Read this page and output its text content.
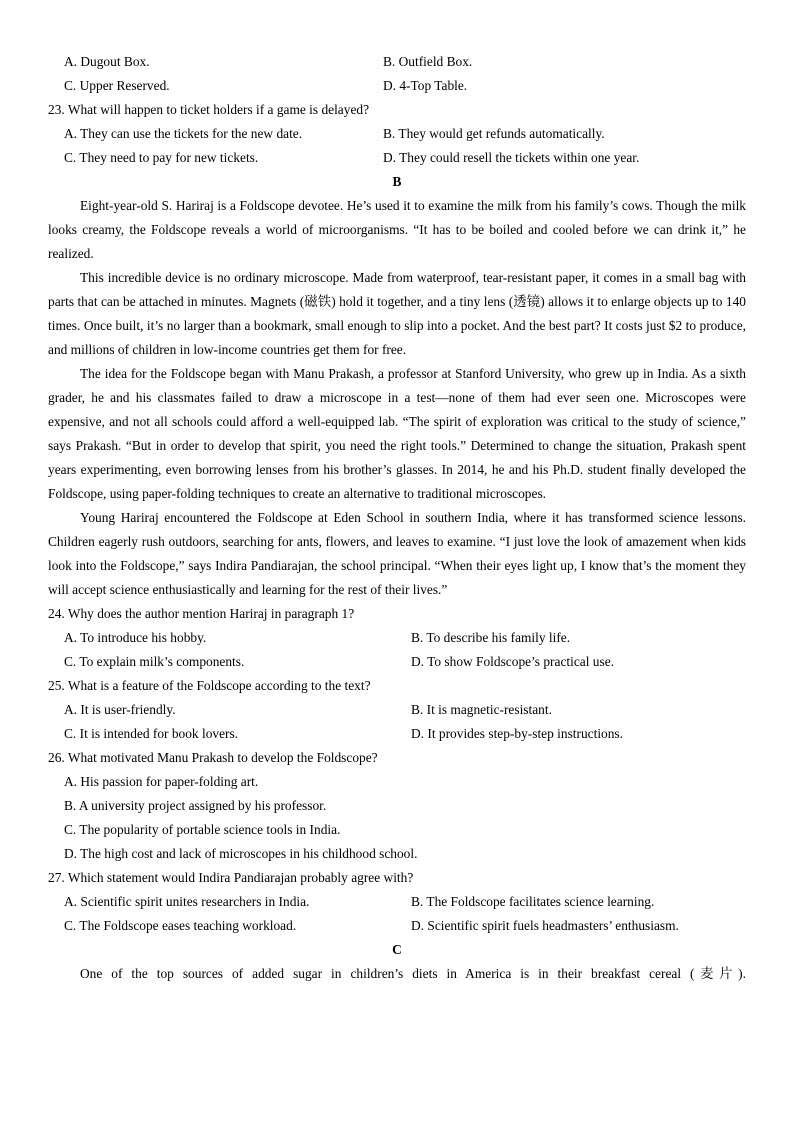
A. Dugout Box.	B. Outfield Box.
C. Upper Reserved.	D. 4-Top Table.
23. What will happen to ticket holders if a game is delayed?
A. They can use the tickets for the new date.	B. They would get refunds automatically.
C. They need to pay for new tickets.	D. They could resell the tickets within one year.
B

Eight-year-old S. Hariraj is a Foldscope devotee. He’s used it to examine the milk from his family’s cows. Though the milk looks creamy, the Foldscope reveals a world of microorganisms. “It has to be boiled and cooled before we can drink it,” he realized.

This incredible device is no ordinary microscope. Made from waterproof, tear-resistant paper, it comes in a small bag with parts that can be attached in minutes. Magnets (磁铁) hold it together, and a tiny lens (透镜) allows it to enlarge objects up to 140 times. Once built, it’s no larger than a bookmark, small enough to slip into a pocket. And the best part? It costs just $2 to produce, and millions of children in low-income countries get them for free.

The idea for the Foldscope began with Manu Prakash, a professor at Stanford University, who grew up in India. As a sixth grader, he and his classmates failed to draw a microscope in a test—none of them had ever seen one. Microscopes were expensive, and not all schools could afford a well-equipped lab. “The spirit of exploration was critical to the study of science,” says Prakash. “But in order to develop that spirit, you need the right tools.” Determined to change the situation, Prakash spent years experimenting, even borrowing lenses from his brother’s glasses. In 2014, he and his Ph.D. student finally developed the Foldscope, using paper-folding techniques to create an alternative to traditional microscopes.

Young Hariraj encountered the Foldscope at Eden School in southern India, where it has transformed science lessons. Children eagerly rush outdoors, searching for ants, flowers, and leaves to examine. “I just love the look of amazement when kids look into the Foldscope,” says Indira Pandiarajan, the school principal. “When their eyes light up, I know that’s the moment they will accept science enthusiastically and learning for the rest of their lives.”

24. Why does the author mention Hariraj in paragraph 1?
A. To introduce his hobby.	B. To describe his family life.
C. To explain milk’s components.	D. To show Foldscope’s practical use.
25. What is a feature of the Foldscope according to the text?
A. It is user-friendly.	B. It is magnetic-resistant.
C. It is intended for book lovers.	D. It provides step-by-step instructions.
26. What motivated Manu Prakash to develop the Foldscope?
A. His passion for paper-folding art.
B. A university project assigned by his professor.
C. The popularity of portable science tools in India.
D. The high cost and lack of microscopes in his childhood school.
27. Which statement would Indira Pandiarajan probably agree with?
A. Scientific spirit unites researchers in India.	B. The Foldscope facilitates science learning.
C. The Foldscope eases teaching workload.	D. Scientific spirit fuels headmasters’ enthusiasm.
C

One of the top sources of added sugar in children’s diets in America is in their breakfast cereal (麦片).
